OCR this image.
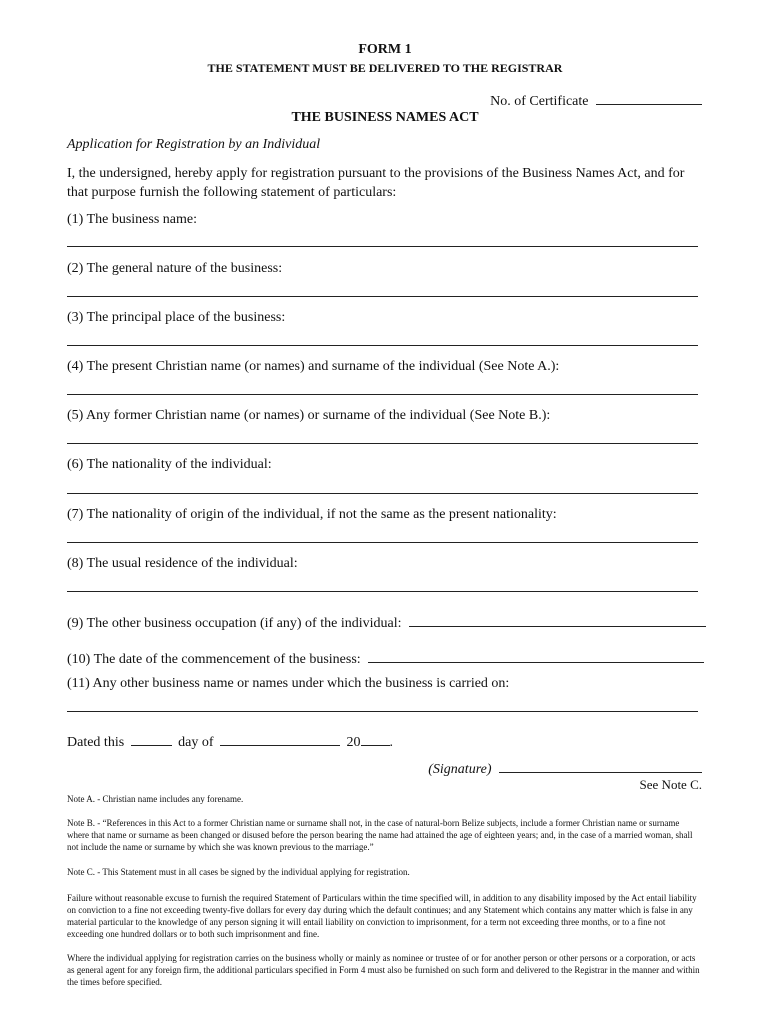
FORM 1
THE STATEMENT MUST BE DELIVERED TO THE REGISTRAR
No. of Certificate
THE BUSINESS NAMES ACT
Application for Registration by an Individual
I, the undersigned, hereby apply for registration pursuant to the provisions of the Business Names Act, and for that purpose furnish the following statement of particulars:
(1) The business name:
(2) The general nature of the business:
(3) The principal place of the business:
(4) The present Christian name (or names) and surname of the individual (See Note A.):
(5) Any former Christian name (or names) or surname of the individual (See Note B.):
(6) The nationality of the individual:
(7) The nationality of origin of the individual, if not the same as the present nationality:
(8) The usual residence of the individual:
(9) The other business occupation (if any) of the individual:
(10) The date of the commencement of the business:
(11) Any other business name or names under which the business is carried on:
Dated this	day of	20 .
(Signature)
See Note C.
Note A. - Christian name includes any forename.
Note B. - “References in this Act to a former Christian name or surname shall not, in the case of natural-born Belize subjects, include a former Christian name or surname where that name or surname as been changed or disused before the person bearing the name had attained the age of eighteen years; and, in the case of a married woman, shall not include the name or surname by which she was known previous to the marriage.”
Note C. - This Statement must in all cases be signed by the individual applying for registration.
Failure without reasonable excuse to furnish the required Statement of Particulars within the time specified will, in addition to any disability imposed by the Act entail liability on conviction to a fine not exceeding twenty-five dollars for every day during which the default continues; and any Statement which contains any matter which is false in any material particular to the knowledge of any person signing it will entail liability on conviction to imprisonment, for a term not exceeding three months, or to a fine not exceeding one hundred dollars or to both such imprisonment and fine.
Where the individual applying for registration carries on the business wholly or mainly as nominee or trustee of or for another person or other persons or a corporation, or acts as general agent for any foreign firm, the additional particulars specified in Form 4 must also be furnished on such form and delivered to the Registrar in the manner and within the times before specified.
